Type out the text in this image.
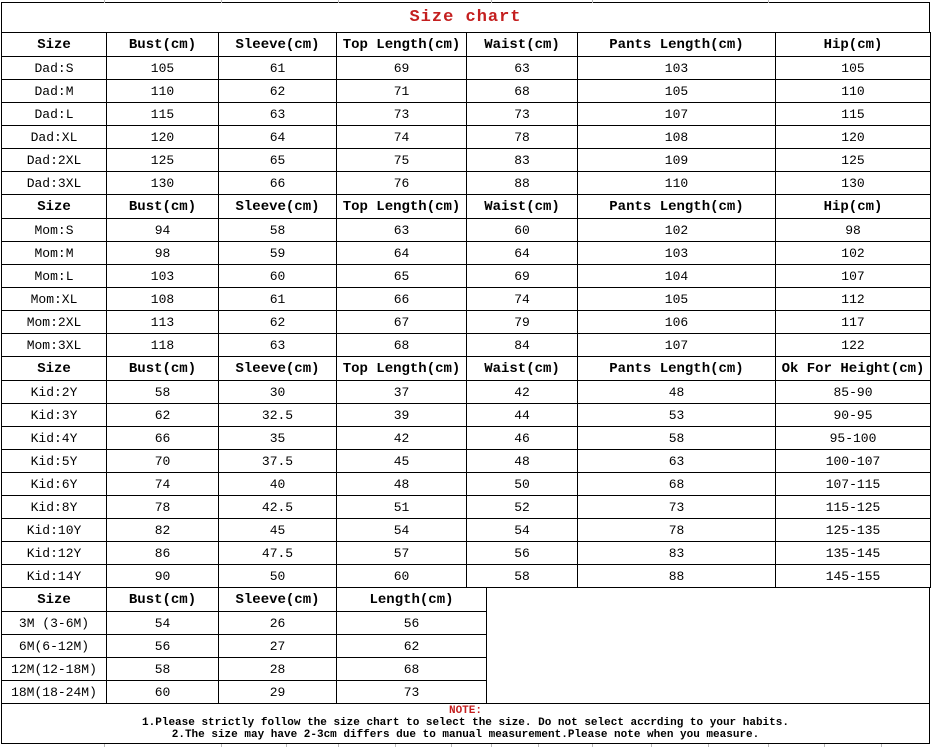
Size chart
Size	Bust(cm)	Sleeve(cm)	Top Length(cm)	Waist(cm)	Pants Length(cm)	Hip(cm)
Dad:S	105	61	69	63	103	105
Dad:M	110	62	71	68	105	110
Dad:L	115	63	73	73	107	115
Dad:XL	120	64	74	78	108	120
Dad:2XL	125	65	75	83	109	125
Dad:3XL	130	66	76	88	110	130
Size	Bust(cm)	Sleeve(cm)	Top Length(cm)	Waist(cm)	Pants Length(cm)	Hip(cm)
Mom:S	94	58	63	60	102	98
Mom:M	98	59	64	64	103	102
Mom:L	103	60	65	69	104	107
Mom:XL	108	61	66	74	105	112
Mom:2XL	113	62	67	79	106	117
Mom:3XL	118	63	68	84	107	122
Size	Bust(cm)	Sleeve(cm)	Top Length(cm)	Waist(cm)	Pants Length(cm)	Ok For Height(cm)
Kid:2Y	58	30	37	42	48	85-90
Kid:3Y	62	32.5	39	44	53	90-95
Kid:4Y	66	35	42	46	58	95-100
Kid:5Y	70	37.5	45	48	63	100-107
Kid:6Y	74	40	48	50	68	107-115
Kid:8Y	78	42.5	51	52	73	115-125
Kid:10Y	82	45	54	54	78	125-135
Kid:12Y	86	47.5	57	56	83	135-145
Kid:14Y	90	50	60	58	88	145-155
Size	Bust(cm)	Sleeve(cm)	Length(cm)
3M (3-6M)	54	26	56
6M(6-12M)	56	27	62
12M(12-18M)	58	28	68
18M(18-24M)	60	29	73
NOTE:
1.Please strictly follow the size chart to select the size. Do not select accrding to your habits.
2.The size may have 2-3cm differs due to manual measurement.Please note when you measure.
